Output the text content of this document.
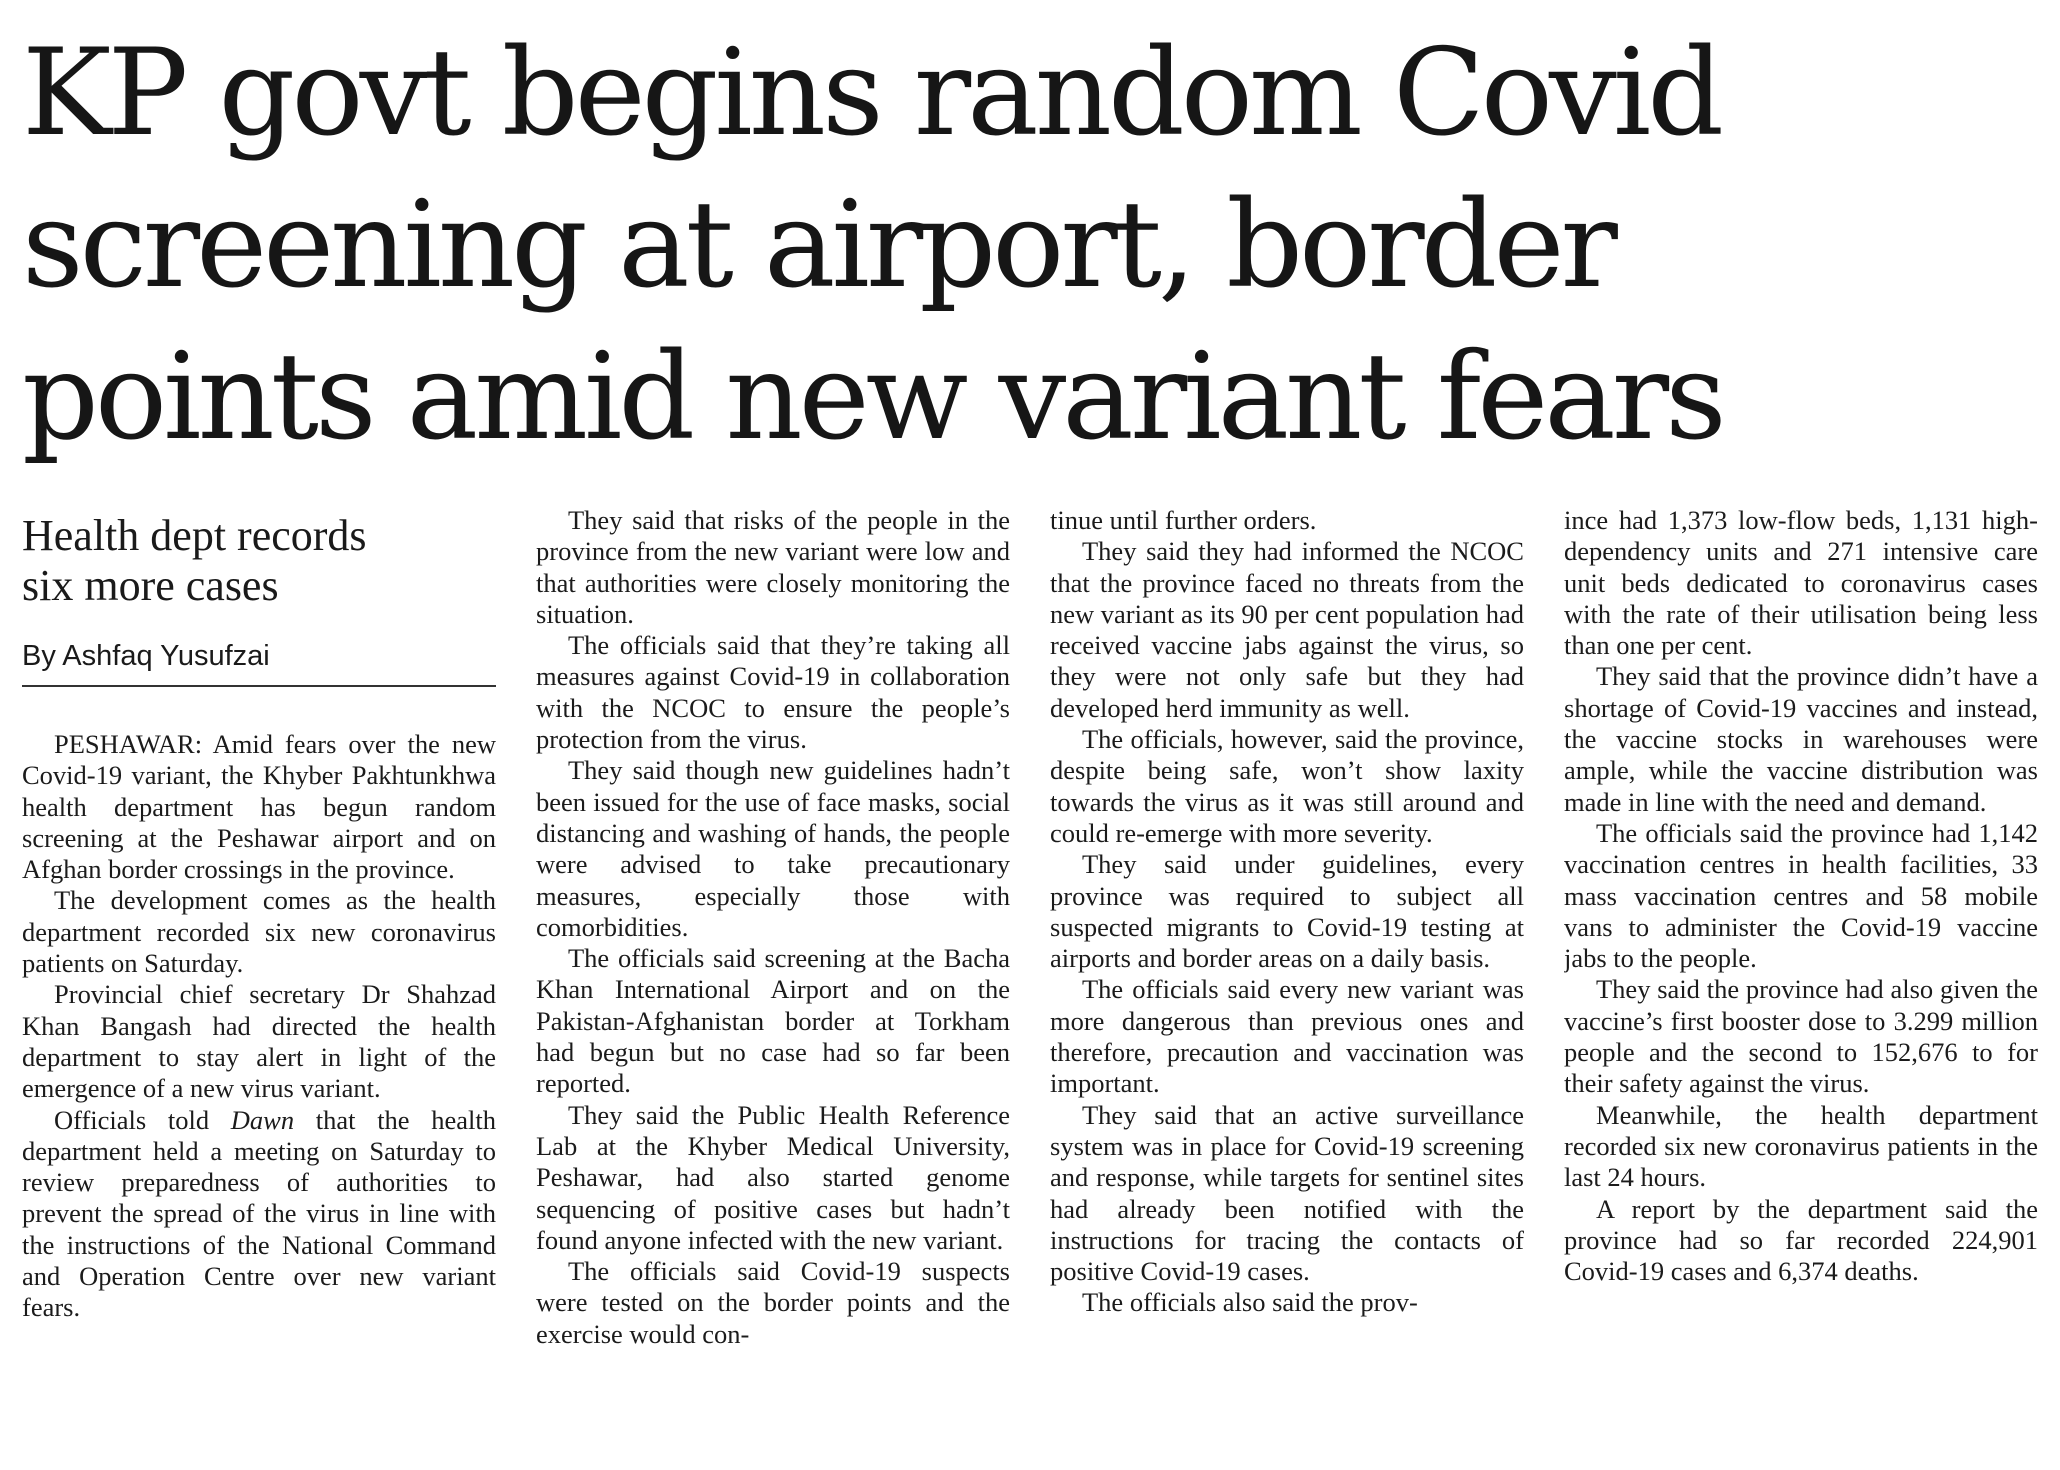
KP govt begins random Covid
screening at airport, border
points amid new variant fears
Health dept records
six more cases
By Ashfaq Yusufzai

PESHAWAR: Amid fears over the new Covid-19 variant, the Khyber Pakhtunkhwa health department has begun random screening at the Peshawar airport and on Afghan border crossings in the province.

The development comes as the health department recorded six new coronavirus patients on Saturday.

Provincial chief secretary Dr Shahzad Khan Bangash had directed the health department to stay alert in light of the emergence of a new virus variant.

Officials told Dawn that the health department held a meeting on Saturday to review preparedness of authorities to prevent the spread of the virus in line with the instructions of the National Command and Operation Centre over new variant fears.

They said that risks of the people in the province from the new variant were low and that authorities were closely monitoring the situation.

The officials said that they’re taking all measures against Covid-19 in collaboration with the NCOC to ensure the people’s protection from the virus.

They said though new guidelines hadn’t been issued for the use of face masks, social distancing and washing of hands, the people were advised to take precautionary measures, especially those with comorbidities.

The officials said screening at the Bacha Khan International Airport and on the Pakistan-Afghanistan border at Torkham had begun but no case had so far been reported.

They said the Public Health Reference Lab at the Khyber Medical University, Peshawar, had also started genome sequencing of positive cases but hadn’t found anyone infected with the new variant.

The officials said Covid-19 suspects were tested on the border points and the exercise would con-

tinue until further orders.

They said they had informed the NCOC that the province faced no threats from the new variant as its 90 per cent population had received vaccine jabs against the virus, so they were not only safe but they had developed herd immunity as well.

The officials, however, said the province, despite being safe, won’t show laxity towards the virus as it was still around and could re-emerge with more severity.

They said under guidelines, every province was required to subject all suspected migrants to Covid-19 testing at airports and border areas on a daily basis.

The officials said every new variant was more dangerous than previous ones and therefore, precaution and vaccination was important.

They said that an active surveillance system was in place for Covid-19 screening and response, while targets for sentinel sites had already been notified with the instructions for tracing the contacts of positive Covid-19 cases.

The officials also said the prov-

ince had 1,373 low-flow beds, 1,131 high-dependency units and 271 intensive care unit beds dedicated to coronavirus cases with the rate of their utilisation being less than one per cent.

They said that the province didn’t have a shortage of Covid-19 vaccines and instead, the vaccine stocks in warehouses were ample, while the vaccine distribution was made in line with the need and demand.

The officials said the province had 1,142 vaccination centres in health facilities, 33 mass vaccination centres and 58 mobile vans to administer the Covid-19 vaccine jabs to the people.

They said the province had also given the vaccine’s first booster dose to 3.299 million people and the second to 152,676 to for their safety against the virus.

Meanwhile, the health department recorded six new coronavirus patients in the last 24 hours.

A report by the department said the province had so far recorded 224,901 Covid-19 cases and 6,374 deaths.
